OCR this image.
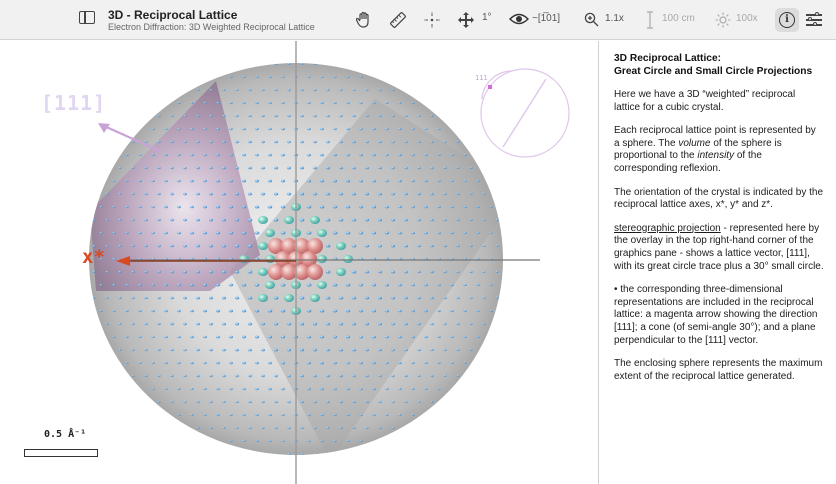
3D - Reciprocal Lattice
Electron Diffraction: 3D Weighted Reciprocal Lattice
1°	~[1̅01]	1.1x	100 cm	100x	i
[111]
x*
111
0.5 Å⁻¹
3D Reciprocal Lattice:
Great Circle and Small Circle Projections

Here we have a 3D “weighted” reciprocal lattice for a cubic crystal.

Each reciprocal lattice point is represented by a sphere. The volume of the sphere is proportional to the intensity of the corresponding reflexion.

The orientation of the crystal is indicated by the reciprocal lattice axes, x*, y* and z*.

stereographic projection - represented here by the overlay in the top right-hand corner of the graphics pane - shows a lattice vector, [111], with its great circle trace plus a 30° small circle.

• the corresponding three-dimensional representations are included in the reciprocal lattice: a magenta arrow showing the direction [111]; a cone (of semi-angle 30°); and a plane perpendicular to the [111] vector.

The enclosing sphere represents the maximum extent of the reciprocal lattice generated.
